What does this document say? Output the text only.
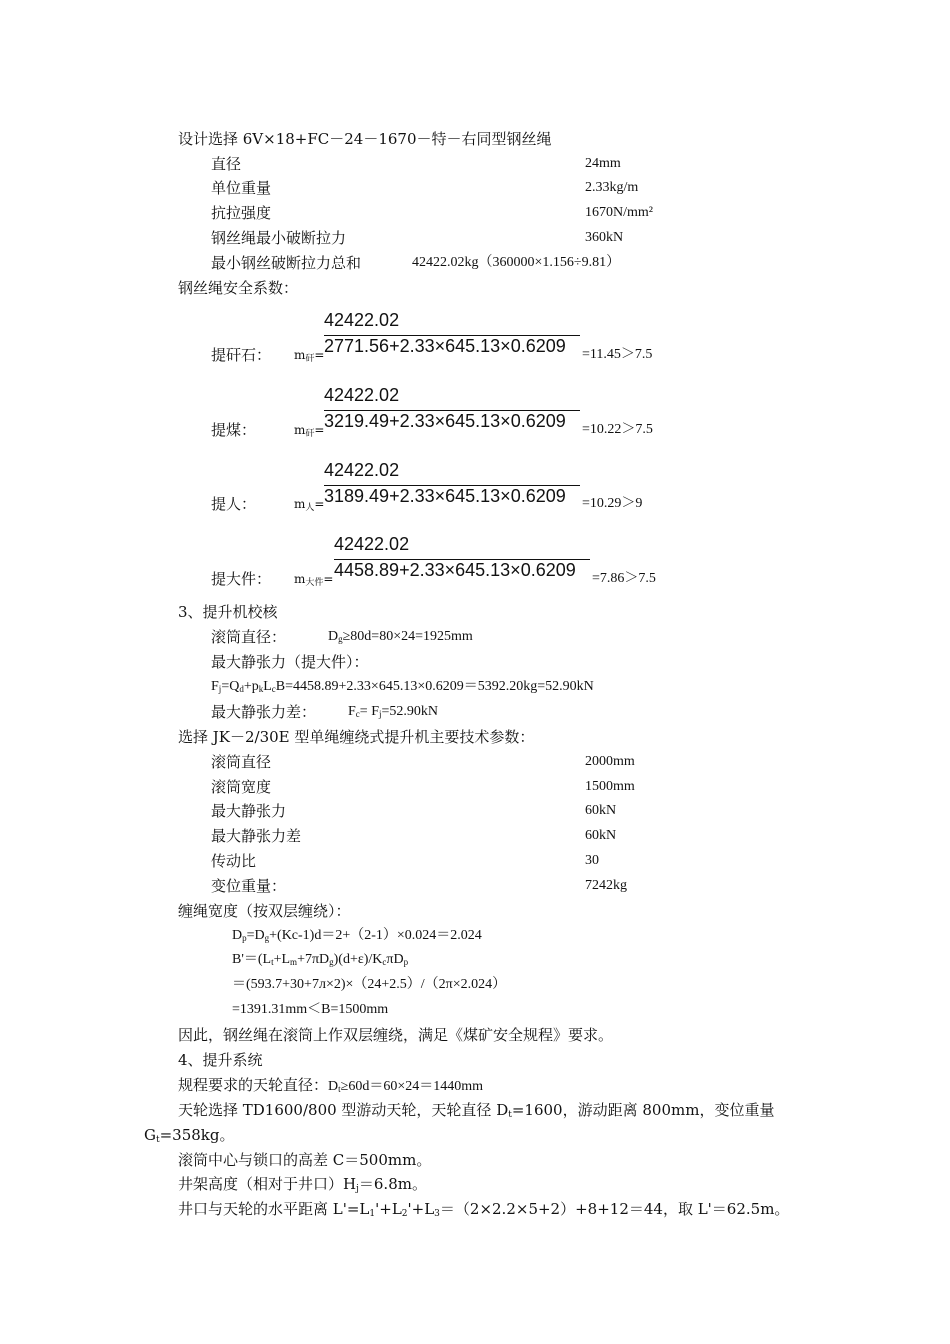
设计选择 6V×18+FC－24－1670－特－右同型钢丝绳
直径	24mm
单位重量	2.33kg/m
抗拉强度	1670N/mm²
钢丝绳最小破断拉力	360kN
最小钢丝破断拉力总和	42422.02kg（360000×1.156÷9.81）
钢丝绳安全系数：
提矸石： $m_矸=$
42422.02
2771.56+2.33×645.13×0.6209 =11.45＞7.5
提煤：	$m_矸=$
42422.02
3219.49+2.33×645.13×0.6209 =10.22＞7.5
提人：	$m_人=$
42422.02
3189.49+2.33×645.13×0.6209 =10.29＞9
提大件： $m_{大件}=$
42422.02
4458.89+2.33×645.13×0.6209 =7.86＞7.5
3、提升机校核
滚筒直径：	$D_g\ge 80d=80\times 24=1925mm$
最大静张力（提大件）：
$F_j=Q_d+p_kL_cB=4458.89+2.33\times 645.13\times 0.6209=5392.20kg=52.90kN$
最大静张力差： $F_c= F_j=52.90kN$
选择 JK－2/30E 型单绳缠绕式提升机主要技术参数：
滚筒直径	2000mm
滚筒宽度	1500mm
最大静张力	60kN
最大静张力差	60kN
传动比	30
变位重量：	7242kg
缠绳宽度（按双层缠绕）：
$D_p=D_g+(Kc-1)d=2+(2-1)\times 0.024=2.024$
$B'=(L_t+L_m+7\pi D_g)(d+\varepsilon)/K_c\pi D_p$
＝(593.7+30+7л×2)×（24+2.5）/（2π×2.024）
=1391.31mm＜B=1500mm
因此，钢丝绳在滚筒上作双层缠绕，满足《煤矿安全规程》要求。
4、提升系统
规程要求的天轮直径：$D_t\ge 60d=60\times 24=1440mm$
天轮选择 TD1600/800 型游动天轮，天轮直径 $D_t=1600$，游动距离 800mm，变位重量
$G_t=358kg$。
滚筒中心与锁口的高差 C＝500mm。
井架高度（相对于井口）$H_j=6.8m$。
井口与天轮的水平距离 $L'=L_1'+L_2'+L_3=(2\times 2.2\times 5+2)+8+12=44$，取 L'＝62.5m。
